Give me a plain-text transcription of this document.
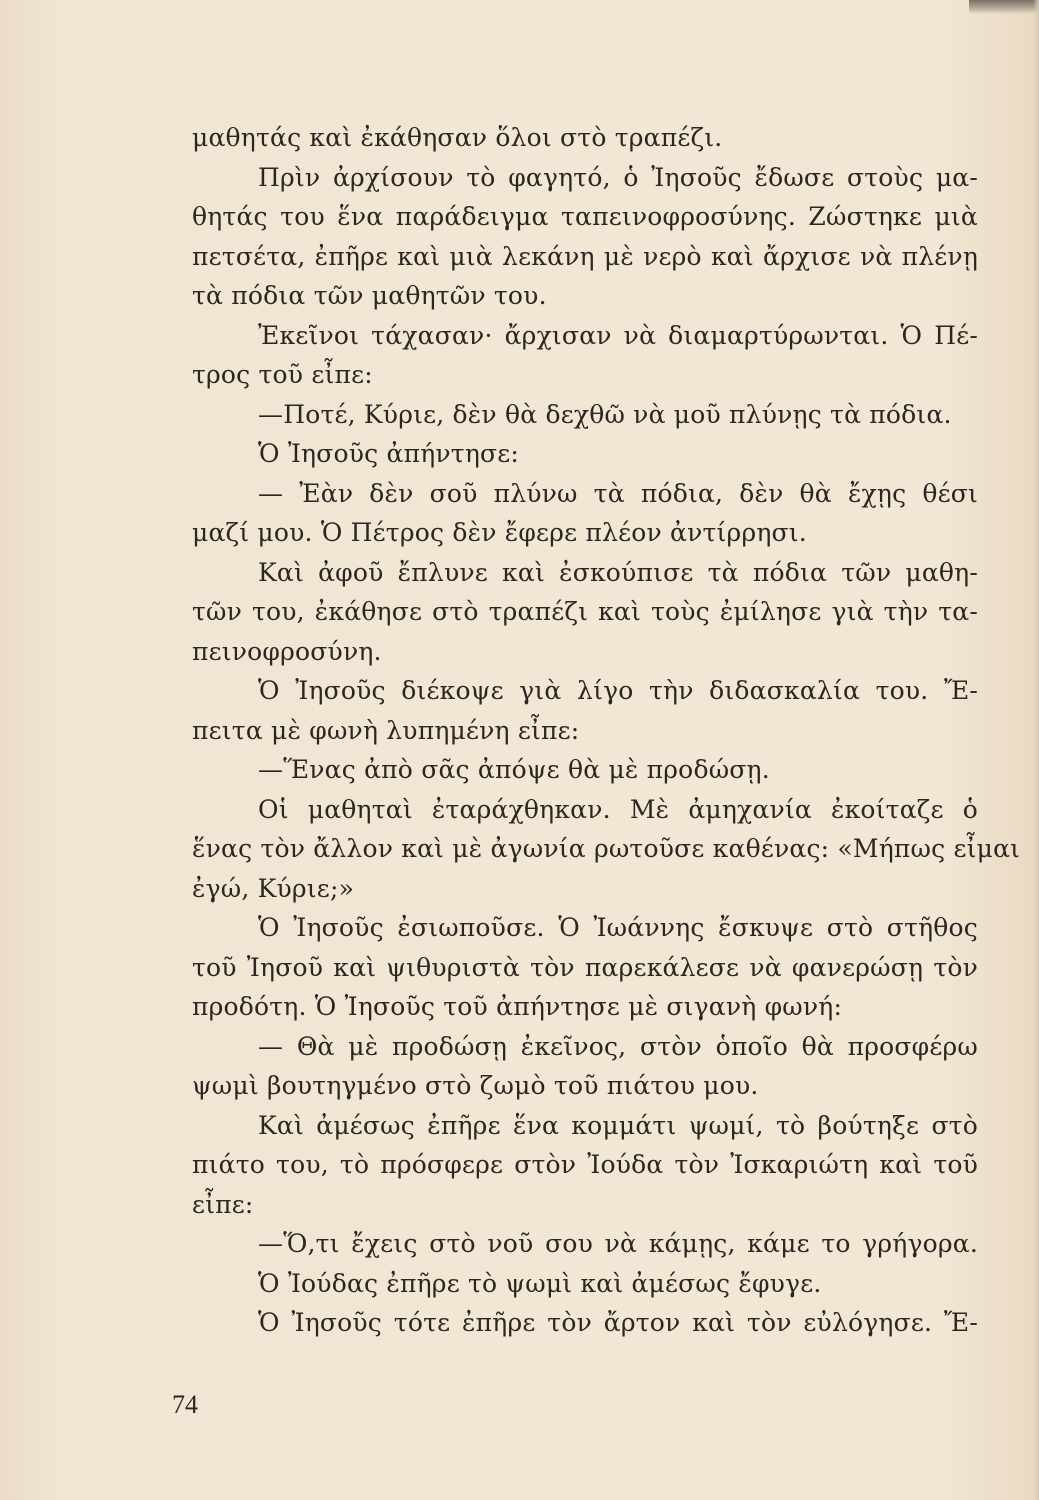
μαθητάς καὶ ἐκάθησαν ὅλοι στὸ τραπέζι.
Πρὶν ἀρχίσουν τὸ φαγητό, ὁ Ἰησοῦς ἔδωσε στοὺς μα-
θητάς του ἕνα παράδειγμα ταπεινοφροσύνης. Ζώστηκε μιὰ
πετσέτα, ἐπῆρε καὶ μιὰ λεκάνη μὲ νερὸ καὶ ἄρχισε νὰ πλένῃ
τὰ πόδια τῶν μαθητῶν του.
Ἐκεῖνοι τάχασαν· ἄρχισαν νὰ διαμαρτύρωνται. Ὁ Πέ-
τρος τοῦ εἶπε:
—Ποτέ, Κύριε, δὲν θὰ δεχθῶ νὰ μοῦ πλύνῃς τὰ πόδια.
Ὁ Ἰησοῦς ἀπήντησε:
— Ἐὰν δὲν σοῦ πλύνω τὰ πόδια, δὲν θὰ ἔχῃς θέσι
μαζί μου. Ὁ Πέτρος δὲν ἔφερε πλέον ἀντίρρησι.
Καὶ ἀφοῦ ἔπλυνε καὶ ἐσκούπισε τὰ πόδια τῶν μαθη-
τῶν του, ἐκάθησε στὸ τραπέζι καὶ τοὺς ἐμίλησε γιὰ τὴν τα-
πεινοφροσύνη.
Ὁ Ἰησοῦς διέκοψε γιὰ λίγο τὴν διδασκαλία του. Ἔ-
πειτα μὲ φωνὴ λυπημένη εἶπε:
—Ἕνας ἀπὸ σᾶς ἀπόψε θὰ μὲ προδώσῃ.
Οἱ μαθηταὶ ἐταράχθηκαν. Μὲ ἀμηχανία ἐκοίταζε ὁ
ἕνας τὸν ἄλλον καὶ μὲ ἀγωνία ρωτοῦσε καθένας: «Μήπως εἶμαι
ἐγώ, Κύριε;»
Ὁ Ἰησοῦς ἐσιωποῦσε. Ὁ Ἰωάννης ἔσκυψε στὸ στῆθος
τοῦ Ἰησοῦ καὶ ψιθυριστὰ τὸν παρεκάλεσε νὰ φανερώσῃ τὸν
προδότη. Ὁ Ἰησοῦς τοῦ ἀπήντησε μὲ σιγανὴ φωνή:
— Θὰ μὲ προδώσῃ ἐκεῖνος, στὸν ὁποῖο θὰ προσφέρω
ψωμὶ βουτηγμένο στὸ ζωμὸ τοῦ πιάτου μου.
Καὶ ἀμέσως ἐπῆρε ἕνα κομμάτι ψωμί, τὸ βούτηξε στὸ
πιάτο του, τὸ πρόσφερε στὸν Ἰούδα τὸν Ἰσκαριώτη καὶ τοῦ
εἶπε:
—Ὅ,τι ἔχεις στὸ νοῦ σου νὰ κάμῃς, κάμε το γρήγορα.
Ὁ Ἰούδας ἐπῆρε τὸ ψωμὶ καὶ ἀμέσως ἔφυγε.
Ὁ Ἰησοῦς τότε ἐπῆρε τὸν ἄρτον καὶ τὸν εὐλόγησε. Ἔ-
74
